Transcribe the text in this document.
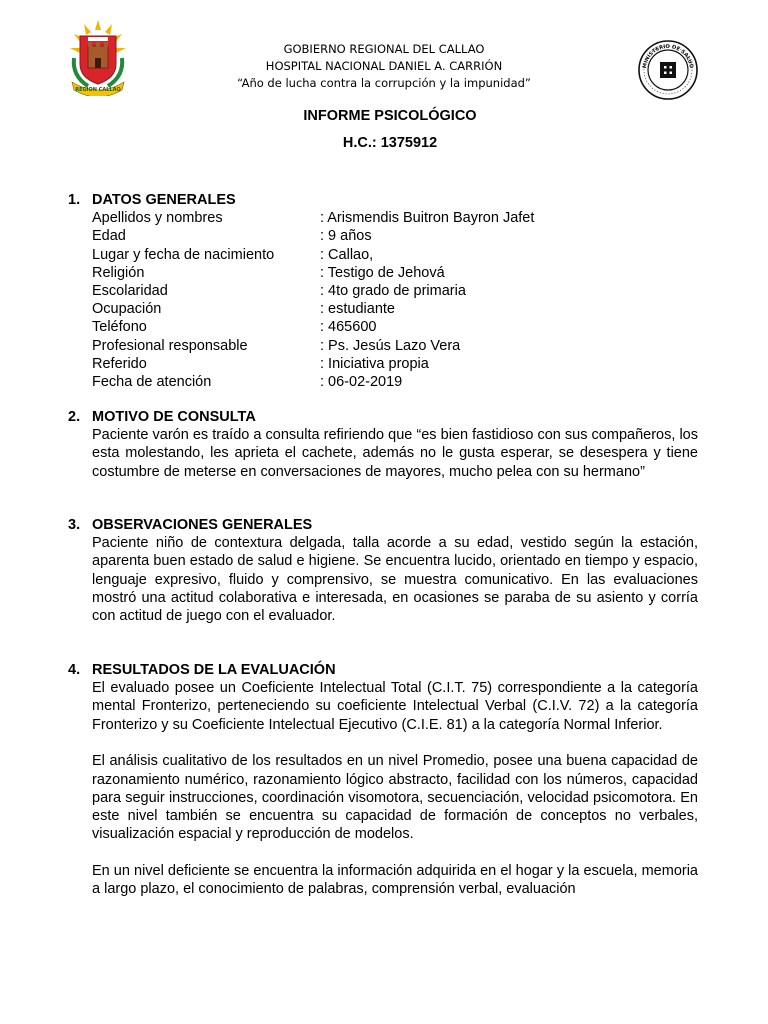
REGION CALLAO
MINISTERIO DE SALUD
GOBIERNO REGIONAL DEL CALLAO
HOSPITAL NACIONAL DANIEL A. CARRIÓN
“Año de lucha contra la corrupción y la impunidad”
INFORME PSICOLÓGICO
H.C.: 1375912
1. DATOS GENERALES
Apellidos y nombres	: Arismendis Buitron Bayron Jafet
Edad	: 9 años
Lugar y fecha de nacimiento	: Callao,
Religión	: Testigo de Jehová
Escolaridad	: 4to grado de primaria
Ocupación	: estudiante
Teléfono	: 465600
Profesional responsable	: Ps. Jesús Lazo Vera
Referido	: Iniciativa propia
Fecha de atención	: 06-02-2019
2. MOTIVO DE CONSULTA
Paciente varón es traído a consulta refiriendo que “es bien fastidioso con sus compañeros, los esta molestando, les aprieta el cachete, además no le gusta esperar, se desespera y tiene costumbre de meterse en conversaciones de mayores, mucho pelea con su hermano”
3. OBSERVACIONES GENERALES
Paciente niño de contextura delgada, talla acorde a su edad, vestido según la estación, aparenta buen estado de salud e higiene. Se encuentra lucido, orientado en tiempo y espacio, lenguaje expresivo, fluido y comprensivo, se muestra comunicativo. En las evaluaciones mostró una actitud colaborativa e interesada, en ocasiones se paraba de su asiento y corría con actitud de juego con el evaluador.
4. RESULTADOS DE LA EVALUACIÓN

El evaluado posee un Coeficiente Intelectual Total (C.I.T. 75) correspondiente a la categoría mental Fronterizo, perteneciendo su coeficiente Intelectual Verbal (C.I.V. 72) a la categoría Fronterizo y su Coeficiente Intelectual Ejecutivo (C.I.E. 81) a la categoría Normal Inferior.

El análisis cualitativo de los resultados en un nivel Promedio, posee una buena capacidad de razonamiento numérico, razonamiento lógico abstracto, facilidad con los números, capacidad para seguir instrucciones, coordinación visomotora, secuenciación, velocidad psicomotora. En este nivel también se encuentra su capacidad de formación de conceptos no verbales, visualización espacial y reproducción de modelos.

En un nivel deficiente se encuentra la información adquirida en el hogar y la escuela, memoria a largo plazo, el conocimiento de palabras, comprensión verbal, evaluación
